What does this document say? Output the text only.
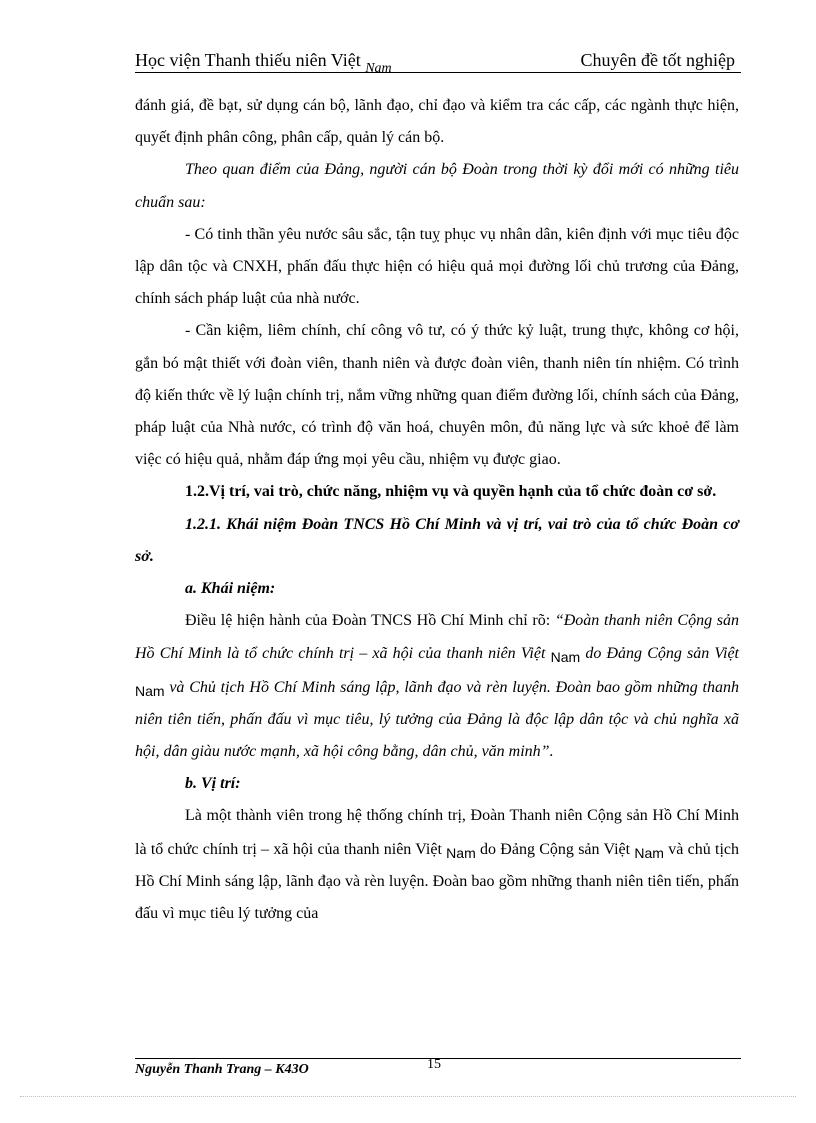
Học viện Thanh thiếu niên Việt $_{Nam}$	Chuyên đề tốt nghiệp

đánh giá, đề bạt, sử dụng cán bộ, lãnh đạo, chỉ đạo và kiểm tra các cấp, các ngành thực hiện, quyết định phân công, phân cấp, quản lý cán bộ.

Theo quan điểm của Đảng, người cán bộ Đoàn trong thời kỳ đổi mới có những tiêu chuẩn sau:

- Có tinh thần yêu nước sâu sắc, tận tuỵ phục vụ nhân dân, kiên định với mục tiêu độc lập dân tộc và CNXH, phấn đấu thực hiện có hiệu quả mọi đường lối chủ trương của Đảng, chính sách pháp luật của nhà nước.

- Cần kiệm, liêm chính, chí công vô tư, có ý thức kỷ luật, trung thực, không cơ hội, gắn bó mật thiết với đoàn viên, thanh niên và được đoàn viên, thanh niên tín nhiệm. Có trình độ kiến thức về lý luận chính trị, nắm vững những quan điểm đường lối, chính sách của Đảng, pháp luật của Nhà nước, có trình độ văn hoá, chuyên môn, đủ năng lực và sức khoẻ để làm việc có hiệu quả, nhằm đáp ứng mọi yêu cầu, nhiệm vụ được giao.

1.2.Vị trí, vai trò, chức năng, nhiệm vụ và quyền hạnh của tổ chức đoàn cơ sở.

1.2.1. Khái niệm Đoàn TNCS Hồ Chí Minh và vị trí, vai trò của tổ chức Đoàn cơ sở.

a. Khái niệm:

Điều lệ hiện hành của Đoàn TNCS Hồ Chí Minh chỉ rõ: “Đoàn thanh niên Cộng sản Hồ Chí Minh là tổ chức chính trị – xã hội của thanh niên Việt Nam do Đảng Cộng sản Việt Nam và Chủ tịch Hồ Chí Minh sáng lập, lãnh đạo và rèn luyện. Đoàn bao gồm những thanh niên tiên tiến, phấn đấu vì mục tiêu, lý tưởng của Đảng là độc lập dân tộc và chủ nghĩa xã hội, dân giàu nước mạnh, xã hội công bằng, dân chủ, văn minh”.

b. Vị trí:

Là một thành viên trong hệ thống chính trị, Đoàn Thanh niên Cộng sản Hồ Chí Minh là tổ chức chính trị – xã hội của thanh niên Việt Nam do Đảng Cộng sản Việt Nam và chủ tịch Hồ Chí Minh sáng lập, lãnh đạo và rèn luyện. Đoàn bao gồm những thanh niên tiên tiến, phấn đấu vì mục tiêu lý tưởng của

Nguyễn Thanh Trang – K43O	15
